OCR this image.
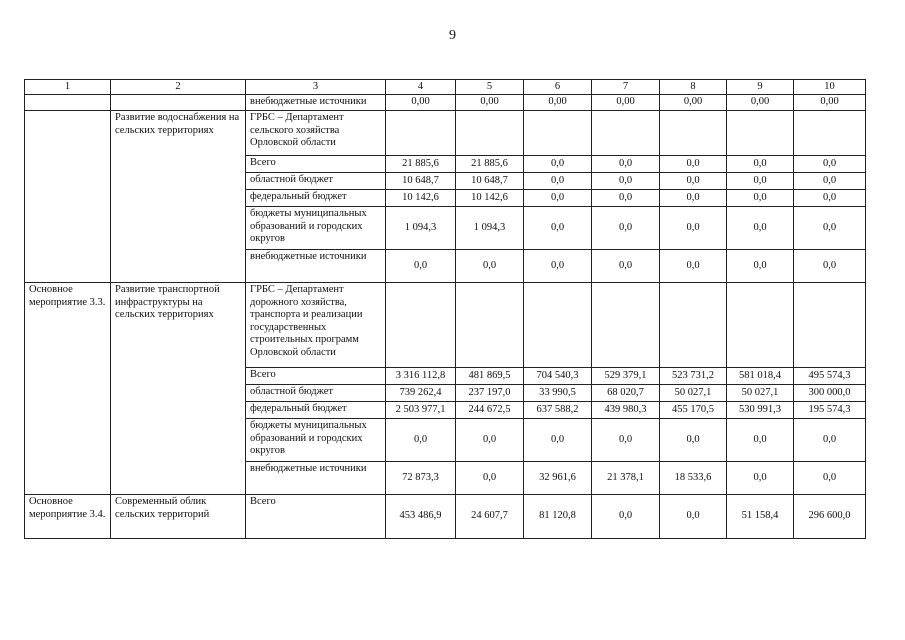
9
1	2	3	4	5	6	7	8	9	10
		внебюджетные источники	0,00	0,00	0,00	0,00	0,00	0,00	0,00
	Развитие водоснабжения на сельских территориях	ГРБС – Департамент сельского хозяйства Орловской области							
		Всего	21 885,6	21 885,6	0,0	0,0	0,0	0,0	0,0
		областной бюджет	10 648,7	10 648,7	0,0	0,0	0,0	0,0	0,0
		федеральный бюджет	10 142,6	10 142,6	0,0	0,0	0,0	0,0	0,0
		бюджеты муниципальных образований и городских округов	1 094,3	1 094,3	0,0	0,0	0,0	0,0	0,0
		внебюджетные источники	0,0	0,0	0,0	0,0	0,0	0,0	0,0
Основное мероприятие 3.3.	Развитие транспортной инфраструктуры на сельских территориях	ГРБС – Департамент дорожного хозяйства, транспорта и реализации государственных строительных программ Орловской области							
		Всего	3 316 112,8	481 869,5	704 540,3	529 379,1	523 731,2	581 018,4	495 574,3
		областной бюджет	739 262,4	237 197,0	33 990,5	68 020,7	50 027,1	50 027,1	300 000,0
		федеральный бюджет	2 503 977,1	244 672,5	637 588,2	439 980,3	455 170,5	530 991,3	195 574,3
		бюджеты муниципальных образований и городских округов	0,0	0,0	0,0	0,0	0,0	0,0	0,0
		внебюджетные источники	72 873,3	0,0	32 961,6	21 378,1	18 533,6	0,0	0,0
Основное мероприятие 3.4.	Современный облик сельских территорий	Всего	453 486,9	24 607,7	81 120,8	0,0	0,0	51 158,4	296 600,0
